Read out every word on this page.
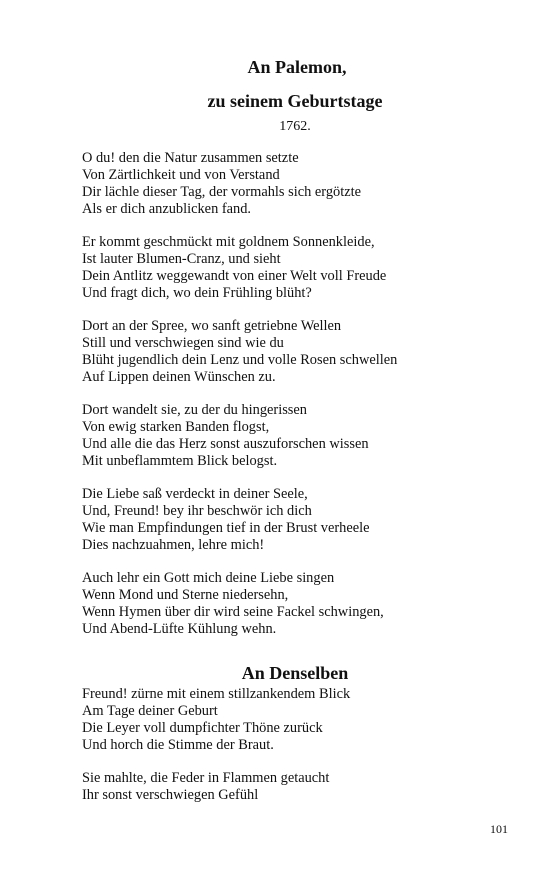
An Palemon,
zu seinem Geburtstage
1762.
O du! den die Natur zusammen setzte
Von Zärtlichkeit und von Verstand
Dir lächle dieser Tag, der vormahls sich ergötzte
Als er dich anzublicken fand.
Er kommt geschmückt mit goldnem Sonnenkleide,
Ist lauter Blumen-Cranz, und sieht
Dein Antlitz weggewandt von einer Welt voll Freude
Und fragt dich, wo dein Frühling blüht?
Dort an der Spree, wo sanft getriebne Wellen
Still und verschwiegen sind wie du
Blüht jugendlich dein Lenz und volle Rosen schwellen
Auf Lippen deinen Wünschen zu.
Dort wandelt sie, zu der du hingerissen
Von ewig starken Banden flogst,
Und alle die das Herz sonst auszuforschen wissen
Mit unbeflammtem Blick belogst.
Die Liebe saß verdeckt in deiner Seele,
Und, Freund! bey ihr beschwör ich dich
Wie man Empfindungen tief in der Brust verheele
Dies nachzuahmen, lehre mich!
Auch lehr ein Gott mich deine Liebe singen
Wenn Mond und Sterne niedersehn,
Wenn Hymen über dir wird seine Fackel schwingen,
Und Abend-Lüfte Kühlung wehn.
An Denselben
Freund! zürne mit einem stillzankendem Blick
Am Tage deiner Geburt
Die Leyer voll dumpfichter Thöne zurück
Und horch die Stimme der Braut.
Sie mahlte, die Feder in Flammen getaucht
Ihr sonst verschwiegen Gefühl
101
